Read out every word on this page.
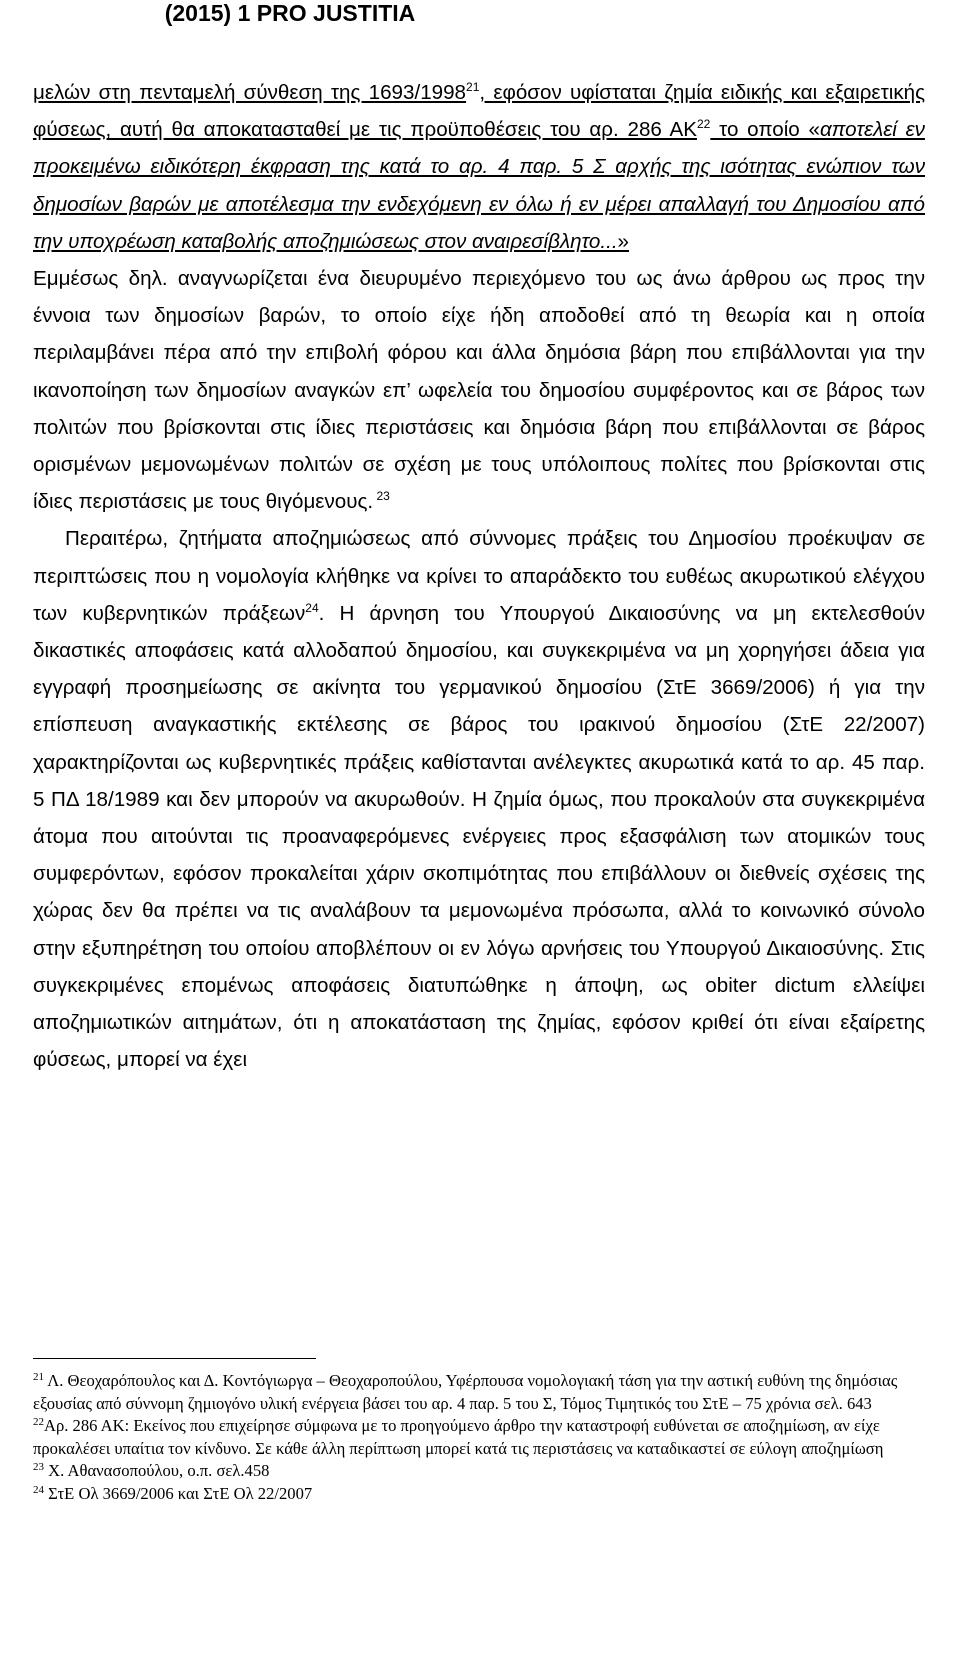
(2015) 1 PRO JUSTITIA

μελών στη πενταμελή σύνθεση της 1693/1998$^{21}$, εφόσον υφίσταται ζημία ειδικής και εξαιρετικής φύσεως, αυτή θα αποκατασταθεί με τις προϋποθέσεις του αρ. 286 ΑΚ$^{22}$ το οποίο «αποτελεί εν προκειμένω ειδικότερη έκφραση της κατά το αρ. 4 παρ. 5 Σ αρχής της ισότητας ενώπιον των δημοσίων βαρών με αποτέλεσμα την ενδεχόμενη εν όλω ή εν μέρει απαλλαγή του Δημοσίου από την υποχρέωση καταβολής αποζημιώσεως στον αναιρεσίβλητο...»

Εμμέσως δηλ. αναγνωρίζεται ένα διευρυμένο περιεχόμενο του ως άνω άρθρου ως προς την έννοια των δημοσίων βαρών, το οποίο είχε ήδη αποδοθεί από τη θεωρία και η οποία περιλαμβάνει πέρα από την επιβολή φόρου και άλλα δημόσια βάρη που επιβάλλονται για την ικανοποίηση των δημοσίων αναγκών επ’ ωφελεία του δημοσίου συμφέροντος και σε βάρος των πολιτών που βρίσκονται στις ίδιες περιστάσεις και δημόσια βάρη που επιβάλλονται σε βάρος ορισμένων μεμονωμένων πολιτών σε σχέση με τους υπόλοιπους πολίτες που βρίσκονται στις ίδιες περιστάσεις με τους θιγόμενους. $^{23}$

Περαιτέρω, ζητήματα αποζημιώσεως από σύννομες πράξεις του Δημοσίου προέκυψαν σε περιπτώσεις που η νομολογία κλήθηκε να κρίνει το απαράδεκτο του ευθέως ακυρωτικού ελέγχου των κυβερνητικών πράξεων$^{24}$. Η άρνηση του Υπουργού Δικαιοσύνης να μη εκτελεσθούν δικαστικές αποφάσεις κατά αλλοδαπού δημοσίου, και συγκεκριμένα να μη χορηγήσει άδεια για εγγραφή προσημείωσης σε ακίνητα του γερμανικού δημοσίου (ΣτΕ 3669/2006) ή για την επίσπευση αναγκαστικής εκτέλεσης σε βάρος του ιρακινού δημοσίου (ΣτΕ 22/2007) χαρακτηρίζονται ως κυβερνητικές πράξεις καθίστανται ανέλεγκτες ακυρωτικά κατά το αρ. 45 παρ. 5 ΠΔ 18/1989 και δεν μπορούν να ακυρωθούν. Η ζημία όμως, που προκαλούν στα συγκεκριμένα άτομα που αιτούνται τις προαναφερόμενες ενέργειες προς εξασφάλιση των ατομικών τους συμφερόντων, εφόσον πρoκαλείται χάριν σκοπιμότητας που επιβάλλουν οι διεθνείς σχέσεις της χώρας δεν θα πρέπει να τις αναλάβουν τα μεμονωμένα πρόσωπα, αλλά το κοινωνικό σύνολο στην εξυπηρέτηση του οποίου αποβλέπουν οι εν λόγω αρνήσεις του Υπουργού Δικαιοσύνης. Στις συγκεκριμένες επομένως αποφάσεις διατυπώθηκε η άποψη, ως obiter dictum ελλείψει αποζημιωτικών αιτημάτων, ότι η αποκατάσταση της ζημίας, εφόσον κριθεί ότι είναι εξαίρετης φύσεως, μπορεί να έχει

$^{21}$ Λ. Θεοχαρόπουλος και Δ. Κοντόγιωργα – Θεοχαροπούλου, Υφέρπουσα νομολογιακή τάση για την αστική ευθύνη της δημόσιας εξουσίας από σύννομη ζημιογόνο υλική ενέργεια βάσει του αρ. 4 παρ. 5 του Σ, Τόμος Τιμητικός του ΣτΕ – 75 χρόνια σελ. 643

$^{22}$Αρ. 286 ΑΚ: Εκείνος που επιχείρησε σύμφωνα με το προηγούμενο άρθρο την καταστροφή ευθύνεται σε αποζημίωση, αν είχε προκαλέσει υπαίτια τον κίνδυνο. Σε κάθε άλλη περίπτωση μπορεί κατά τις περιστάσεις να καταδικαστεί σε εύλογη αποζημίωση

$^{23}$ Χ. Αθανασοπούλου, ο.π. σελ.458

$^{24}$ ΣτΕ Ολ 3669/2006 και ΣτΕ Ολ 22/2007
